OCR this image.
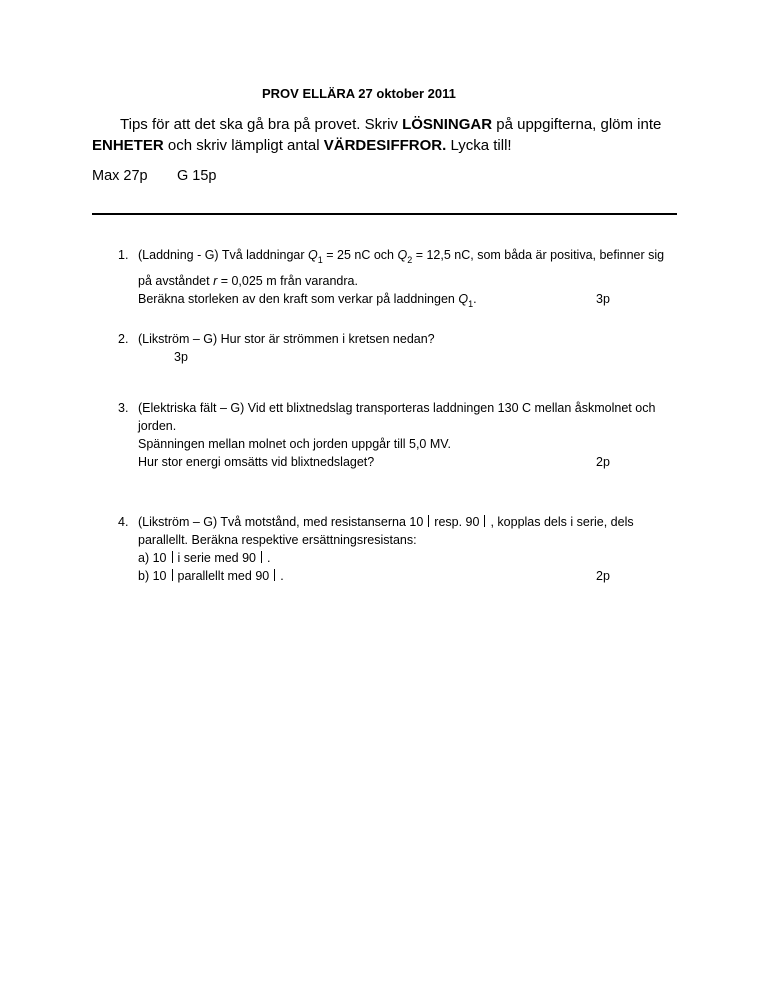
PROV ELLÄRA 27 oktober 2011
Tips för att det ska gå bra på provet. Skriv LÖSNINGAR på uppgifterna, glöm inte
ENHETER och skriv lämpligt antal VÄRDESIFFROR. Lycka till!
Max 27p G 15p
1. (Laddning - G) Två laddningar $Q_1 = 25$ nC och $Q_2 = 12,5$ nC, som båda är positiva, befinner sig
på avståndet r = 0,025 m från varandra.
Beräkna storleken av den kraft som verkar på laddningen $Q_1$.	3p
2. (Likström – G) Hur stor är strömmen i kretsen nedan?
3p
3. (Elektriska fält – G) Vid ett blixtnedslag transporteras laddningen 130 C mellan åskmolnet och
jorden.
Spänningen mellan molnet och jorden uppgår till 5,0 MV.
Hur stor energi omsätts vid blixtnedslaget?	2p
4. (Likström – G) Två motstånd, med resistanserna 10 resp. 90 , kopplas dels i serie, dels
parallellt. Beräkna respektive ersättningsresistans:
a) 10 i serie med 90 .
b) 10 parallellt med 90 .	2p
